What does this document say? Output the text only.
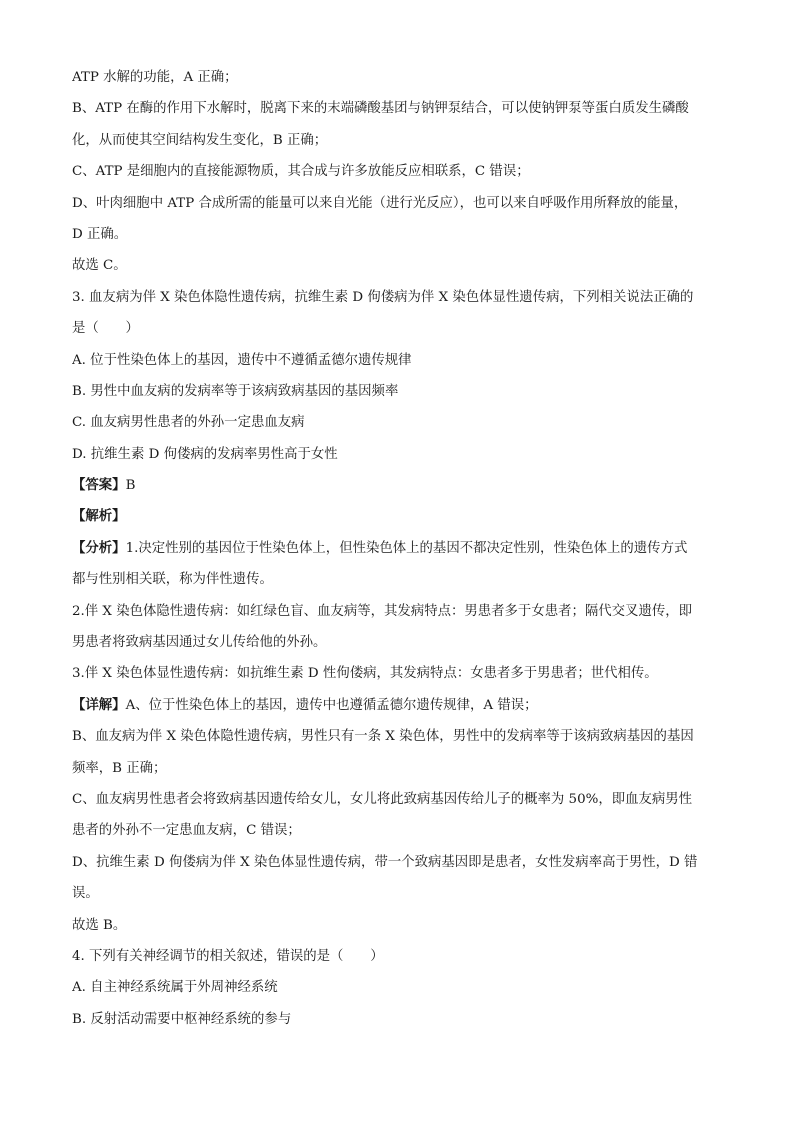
ATP 水解的功能，A 正确；
B、ATP 在酶的作用下水解时，脱离下来的末端磷酸基团与钠钾泵结合，可以使钠钾泵等蛋白质发生磷酸
化，从而使其空间结构发生变化，B 正确；
C、ATP 是细胞内的直接能源物质，其合成与许多放能反应相联系，C 错误；
D、叶肉细胞中 ATP 合成所需的能量可以来自光能（进行光反应），也可以来自呼吸作用所释放的能量，
D 正确。
故选 C。
3. 血友病为伴 X 染色体隐性遗传病，抗维生素 D 佝偻病为伴 X 染色体显性遗传病，下列相关说法正确的
是（　　）
A. 位于性染色体上的基因，遗传中不遵循孟德尔遗传规律
B. 男性中血友病的发病率等于该病致病基因的基因频率
C. 血友病男性患者的外孙一定患血友病
D. 抗维生素 D 佝偻病的发病率男性高于女性
【答案】B
【解析】
【分析】1.决定性别的基因位于性染色体上，但性染色体上的基因不都决定性别，性染色体上的遗传方式
都与性别相关联，称为伴性遗传。
2.伴 X 染色体隐性遗传病：如红绿色盲、血友病等，其发病特点：男患者多于女患者；隔代交叉遗传，即
男患者将致病基因通过女儿传给他的外孙。
3.伴 X 染色体显性遗传病：如抗维生素 D 性佝偻病，其发病特点：女患者多于男患者；世代相传。
【详解】A、位于性染色体上的基因，遗传中也遵循孟德尔遗传规律，A 错误；
B、血友病为伴 X 染色体隐性遗传病，男性只有一条 X 染色体，男性中的发病率等于该病致病基因的基因
频率，B 正确；
C、血友病男性患者会将致病基因遗传给女儿，女儿将此致病基因传给儿子的概率为 50%，即血友病男性
患者的外孙不一定患血友病，C 错误；
D、抗维生素 D 佝偻病为伴 X 染色体显性遗传病，带一个致病基因即是患者，女性发病率高于男性，D 错
误。
故选 B。
4. 下列有关神经调节的相关叙述，错误的是（　　）
A. 自主神经系统属于外周神经系统
B. 反射活动需要中枢神经系统的参与
